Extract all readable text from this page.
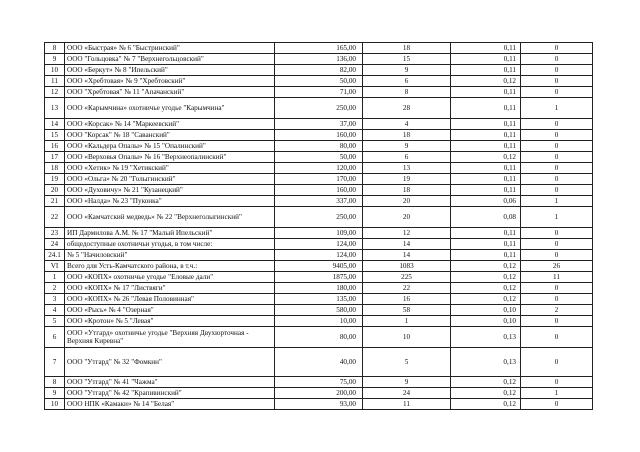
8	ООО «Быстрая» № 6 "Быстринский"	165,00	18	0,11	0
9	ООО "Гольцовка" № 7 "Верхнегольцовский"	136,00	15	0,11	0
10	ООО «Беркут» № 8 "Ипельский"	82,00	9	0,11	0
11	ООО «Хребтовая» № 9 "Хребтовский"	50,00	6	0,12	0
12	ООО "Хребтовая" № 11 "Апачанский"	71,00	8	0,11	0
13	ООО «Карымчина» охотничье угодье "Карымчина"	250,00	28	0,11	1
14	ООО «Корсак» № 14 "Маркеевский"	37,00	4	0,11	0
15	ООО "Корсак" № 18 "Саванский"	160,00	18	0,11	0
16	ООО «Кальдера Опалы» № 15 "Опалинский"	80,00	9	0,11	0
17	ООО «Верховья Опалы» № 16 "Верхнеопалинский"	50,00	6	0,12	0
18	ООО «Хетик» № 19 "Хетикский"	120,00	13	0,11	0
19	ООО «Ольга» № 20 "Голыгинский"	170,00	19	0,11	0
20	ООО «Духовичу» № 21 "Кузанецкий"	160,00	18	0,11	0
21	ООО «Налда» № 23 "Пуконка"	337,00	20	0,06	1
22	ООО «Камчатский медведь» № 22 "Верхнеголыгинский"	250,00	20	0,08	1
23	ИП Дармилова А.М. № 17 "Малый Ипельский"	109,00	12	0,11	0
24	общедоступные охотничьи угодья, в том числе:	124,00	14	0,11	0
24.1	№ 5 "Начиловский"	124,00	14	0,11	0
VI	Всего для Усть-Камчатского района, в т.ч.:	9405,00	1083	0,12	26
1	ООО «КОПХ» охотничье угодье "Еловые дали"	1875,00	225	0,12	11
2	ООО «КОПХ» № 17 "Листвяги"	180,00	22	0,12	0
3	ООО «КОПХ» № 26 "Левая Половинная"	135,00	16	0,12	0
4	ООО «Рысь» № 4 "Озерная"	580,00	58	0,10	2
5	ООО «Кротон» № 5 "Левая"	10,00	1	0,10	0
6	ООО «Утгард» охотничье угодье "Верхняя Двухюрточная - Верхняя Киревна"	80,00	10	0,13	0
7	ООО "Утгард" № 32 "Фомкин"	40,00	5	0,13	0
8	ООО "Утгард" № 41 "Чажма"	75,00	9	0,12	0
9	ООО "Утгард" № 42 "Крапивинский"	200,00	24	0,12	1
10	ООО НПК «Камаки» № 14 "Белая"	93,00	11	0,12	0
